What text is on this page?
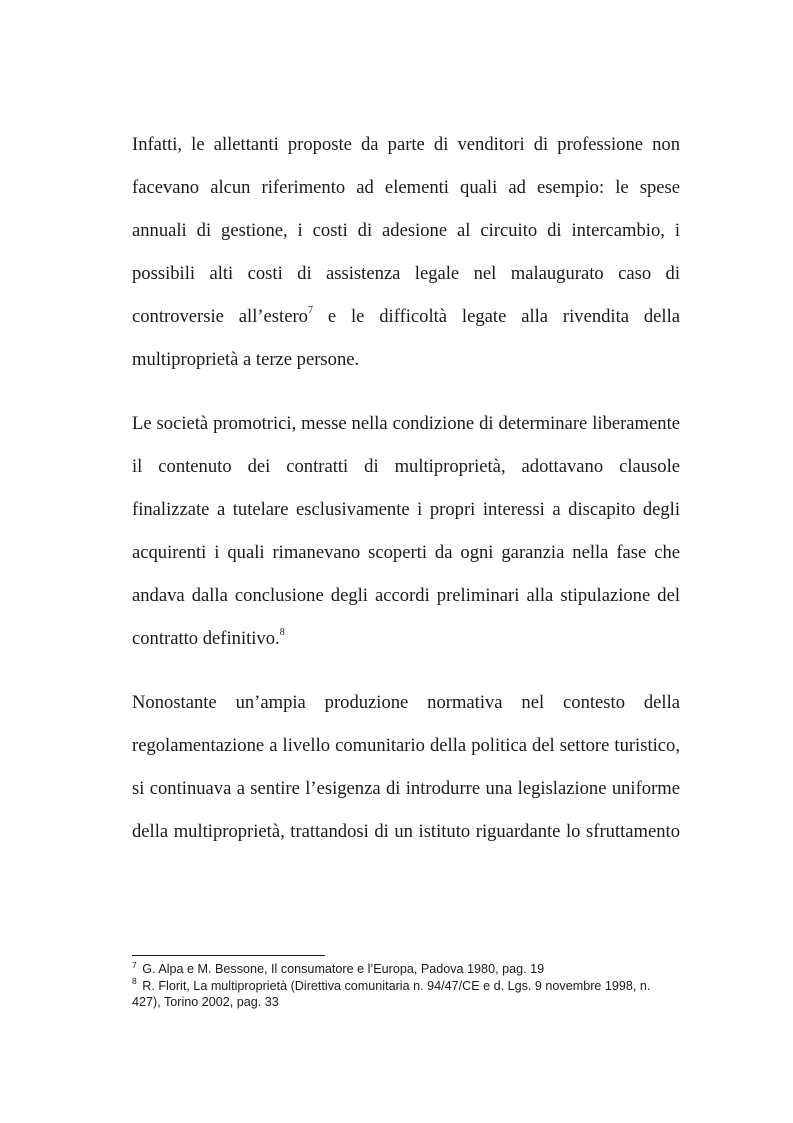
Infatti, le allettanti proposte da parte di venditori di professione non facevano alcun riferimento ad elementi quali ad esempio: le spese annuali di gestione, i costi di adesione al circuito di intercambio, i possibili alti costi di assistenza legale nel malaugurato caso di controversie all’estero$^7$ e le difficoltà legate alla rivendita della multiproprietà a terze persone.

Le società promotrici, messe nella condizione di determinare liberamente il contenuto dei contratti di multiproprietà, adottavano clausole finalizzate a tutelare esclusivamente i propri interessi a discapito degli acquirenti i quali rimanevano scoperti da ogni garanzia nella fase che andava dalla conclusione degli accordi preliminari alla stipulazione del contratto definitivo.$^8$

Nonostante un’ampia produzione normativa nel contesto della regolamentazione a livello comunitario della politica del settore turistico, si continuava a sentire l’esigenza di introdurre una legislazione uniforme della multiproprietà, trattandosi di un istituto riguardante lo sfruttamento

$^7$ G. Alpa e M. Bessone, Il consumatore e l’Europa, Padova 1980, pag. 19

$^8$ R. Florit, La multiproprietà (Direttiva comunitaria n. 94/47/CE e d. Lgs. 9 novembre 1998, n. 427), Torino 2002, pag. 33
